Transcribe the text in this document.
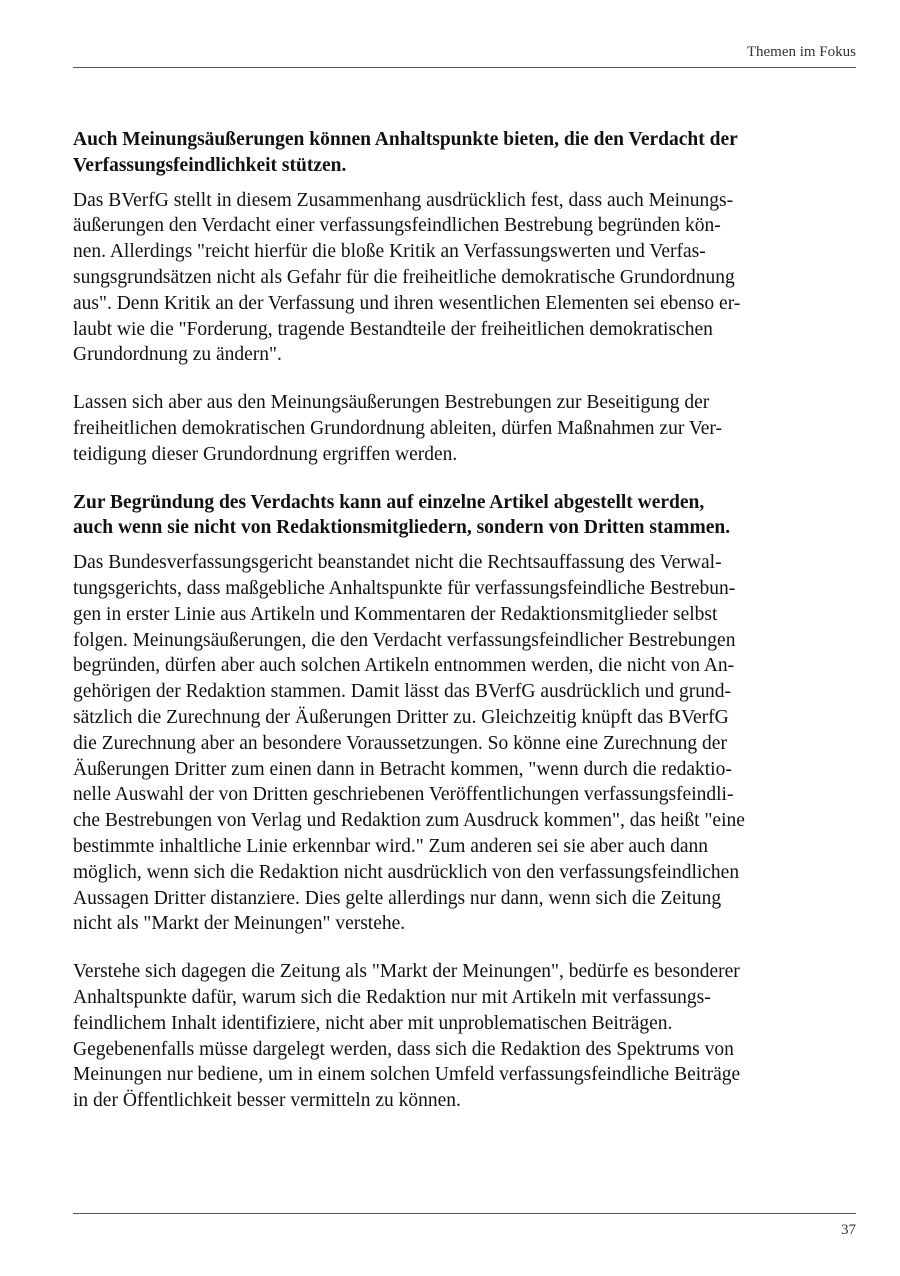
Themen im Fokus
Auch Meinungsäußerungen können Anhaltspunkte bieten, die den Verdacht der
Verfassungsfeindlichkeit stützen.
Das BVerfG stellt in diesem Zusammenhang ausdrücklich fest, dass auch Meinungs-
äußerungen den Verdacht einer verfassungsfeindlichen Bestrebung begründen kön-
nen. Allerdings "reicht hierfür die bloße Kritik an Verfassungswerten und Verfas-
sungsgrundsätzen nicht als Gefahr für die freiheitliche demokratische Grundordnung
aus". Denn Kritik an der Verfassung und ihren wesentlichen Elementen sei ebenso er-
laubt wie die "Forderung, tragende Bestandteile der freiheitlichen demokratischen
Grundordnung zu ändern".
Lassen sich aber aus den Meinungsäußerungen Bestrebungen zur Beseitigung der
freiheitlichen demokratischen Grundordnung ableiten, dürfen Maßnahmen zur Ver-
teidigung dieser Grundordnung ergriffen werden.
Zur Begründung des Verdachts kann auf einzelne Artikel abgestellt werden,
auch wenn sie nicht von Redaktionsmitgliedern, sondern von Dritten stammen.
Das Bundesverfassungsgericht beanstandet nicht die Rechtsauffassung des Verwal-
tungsgerichts, dass maßgebliche Anhaltspunkte für verfassungsfeindliche Bestrebun-
gen in erster Linie aus Artikeln und Kommentaren der Redaktionsmitglieder selbst
folgen. Meinungsäußerungen, die den Verdacht verfassungsfeindlicher Bestrebungen
begründen, dürfen aber auch solchen Artikeln entnommen werden, die nicht von An-
gehörigen der Redaktion stammen. Damit lässt das BVerfG ausdrücklich und grund-
sätzlich die Zurechnung der Äußerungen Dritter zu. Gleichzeitig knüpft das BVerfG
die Zurechnung aber an besondere Voraussetzungen. So könne eine Zurechnung der
Äußerungen Dritter zum einen dann in Betracht kommen, "wenn durch die redaktio-
nelle Auswahl der von Dritten geschriebenen Veröffentlichungen verfassungsfeindli-
che Bestrebungen von Verlag und Redaktion zum Ausdruck kommen", das heißt "eine
bestimmte inhaltliche Linie erkennbar wird." Zum anderen sei sie aber auch dann
möglich, wenn sich die Redaktion nicht ausdrücklich von den verfassungsfeindlichen
Aussagen Dritter distanziere. Dies gelte allerdings nur dann, wenn sich die Zeitung
nicht als "Markt der Meinungen" verstehe.
Verstehe sich dagegen die Zeitung als "Markt der Meinungen", bedürfe es besonderer
Anhaltspunkte dafür, warum sich die Redaktion nur mit Artikeln mit verfassungs-
feindlichem Inhalt identifiziere, nicht aber mit unproblematischen Beiträgen.
Gegebenenfalls müsse dargelegt werden, dass sich die Redaktion des Spektrums von
Meinungen nur bediene, um in einem solchen Umfeld verfassungsfeindliche Beiträge
in der Öffentlichkeit besser vermitteln zu können.
37
